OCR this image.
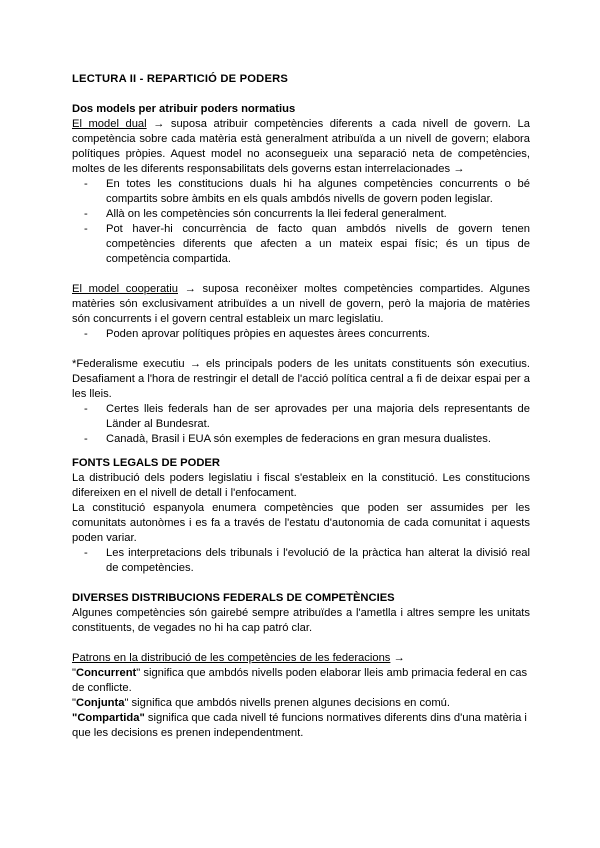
LECTURA II - REPARTICIÓ DE PODERS

Dos models per atribuir poders normatius

El model dual → suposa atribuir competències diferents a cada nivell de govern. La competència sobre cada matèria està generalment atribuïda a un nivell de govern; elabora polítiques pròpies. Aquest model no aconsegueix una separació neta de competències, moltes de les diferents responsabilitats dels governs estan interrelacionades →

- En totes les constitucions duals hi ha algunes competències concurrents o bé compartits sobre àmbits en els quals ambdós nivells de govern poden legislar.
- Allà on les competències són concurrents la llei federal generalment.
- Pot haver-hi concurrència de facto quan ambdós nivells de govern tenen competències diferents que afecten a un mateix espai físic; és un tipus de competència compartida.

El model cooperatiu → suposa reconèixer moltes competències compartides. Algunes matèries són exclusivament atribuïdes a un nivell de govern, però la majoria de matèries són concurrents i el govern central estableix un marc legislatiu.

- Poden aprovar polítiques pròpies en aquestes àrees concurrents.

*Federalisme executiu → els principals poders de les unitats constituents són executius. Desafiament a l'hora de restringir el detall de l'acció política central a fi de deixar espai per a les lleis.

- Certes lleis federals han de ser aprovades per una majoria dels representants de Länder al Bundesrat.
- Canadà, Brasil i EUA són exemples de federacions en gran mesura dualistes.

FONTS LEGALS DE PODER

La distribució dels poders legislatiu i fiscal s'estableix en la constitució. Les constitucions difereixen en el nivell de detall i l'enfocament.

La constitució espanyola enumera competències que poden ser assumides per les comunitats autonòmes i es fa a través de l'estatu d'autonomia de cada comunitat i aquests poden variar.

- Les interpretacions dels tribunals i l'evolució de la pràctica han alterat la divisió real de competències.

DIVERSES DISTRIBUCIONS FEDERALS DE COMPETÈNCIES

Algunes competències són gairebé sempre atribuïdes a l'ametlla i altres sempre les unitats constituents, de vegades no hi ha cap patró clar.

Patrons en la distribució de les competències de les federacions →

"Concurrent" significa que ambdós nivells poden elaborar lleis amb primacia federal en cas de conflicte.

"Conjunta" significa que ambdós nivells prenen algunes decisions en comú.

"Compartida" significa que cada nivell té funcions normatives diferents dins d'una matèria i que les decisions es prenen independentment.
